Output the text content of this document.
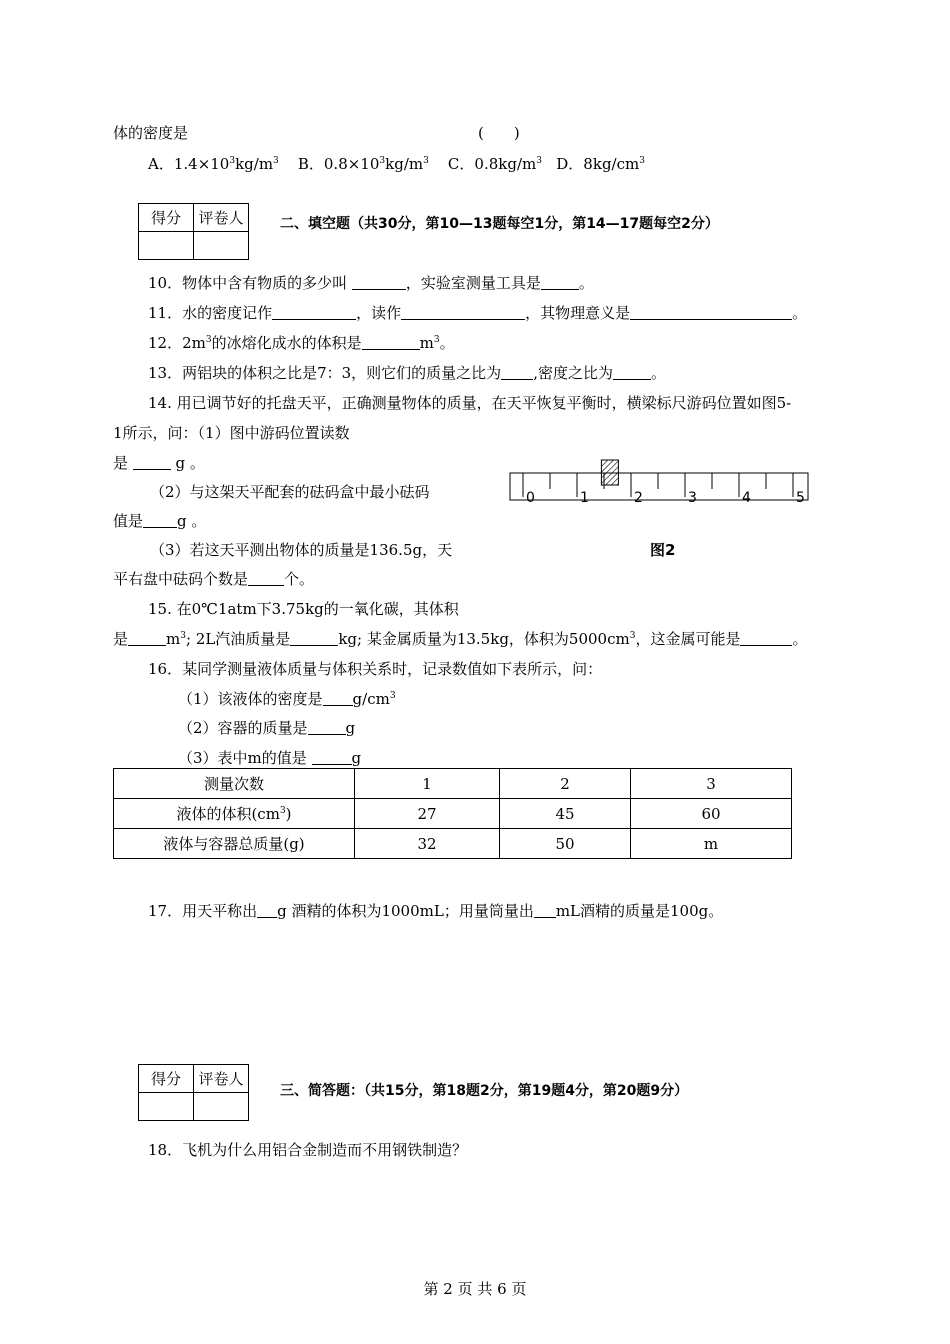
体的密度是	(　　)
A．$1.4\times 10^3kg/m^3$ B．$0.8\times 10^3kg/m^3$ C．$0.8kg/m^3$ D．$8kg/cm^3$
得分	评卷人
		二、填空题（共30分，第10—13题每空1分，第14—17题每空2分）
10．物体中含有物质的多少叫	，实验室测量工具是	。
11．水的密度记作	，读作	，其物理意义是	。
12．$2m^3$的冰熔化成水的体积是	$m^3$。
13．两铝块的体积之比是7：3，则它们的质量之比为 ,密度之比为	。
14. 用已调节好的托盘天平，正确测量物体的质量，在天平恢复平衡时，横梁标尺游码位置如图5-
1所示，问：（1）图中游码位置读数
是	g 。
（2）与这架天平配套的砝码盒中最小砝码
值是 g 。
（3）若这天平测出物体的质量是136.5g，天
平右盘中砝码个数是 个。
0	1	2	3	4	5
图2
15. 在0℃1atm下3.75kg的一氧化碳，其体积
是	$m^3$; 2L汽油质量是	kg; 某金属质量为13.5kg，体积为$5000cm^3$，这金属可能是	。
16．某同学测量液体质量与体积关系时，记录数值如下表所示，问：
（1）该液体的密度是 $g/cm^3$
（2）容器的质量是	g
（3）表中m的值是	g
测量次数	1	2	3
液体的体积$(cm^3)$	27	45	60
液体与容器总质量(g)	32	50	m
17．用天平称出 g 酒精的体积为1000mL；用量筒量出 mL酒精的质量是100g。
得分	评卷人

三、简答题：（共15分，第18题2分，第19题4分，第20题9分）
18．飞机为什么用铝合金制造而不用钢铁制造？
第 2 页 共 6 页
